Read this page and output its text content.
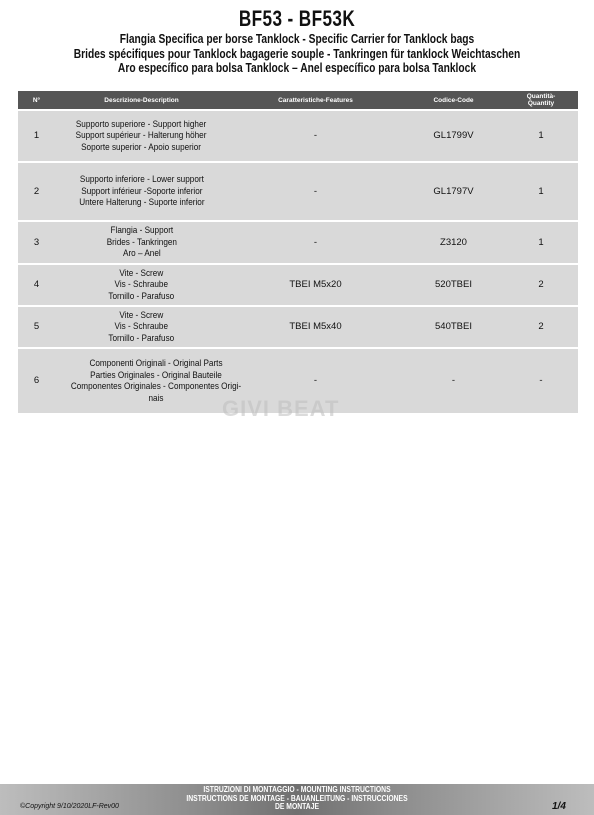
BF53 - BF53K
Flangia Specifica per borse Tanklock - Specific Carrier for Tanklock bags
Brides spécifiques pour Tanklock bagagerie souple - Tankringen für tanklock Weichtaschen
Aro específico para bolsa Tanklock – Anel específico para bolsa Tanklock
N°	Descrizione-Description	Caratteristiche-Features	Codice-Code	Quantità-
Quantity

1	Supporto superiore - Support higher
Support supérieur - Halterung höher
Soporte superior - Apoio superior	-	GL1799V	1
2	Supporto inferiore - Lower support
Support inférieur -Soporte inferior
Untere Halterung - Suporte inferior	-	GL1797V	1
3	Flangia - Support
Brides - Tankringen
Aro – Anel	-	Z3120	1
4	Vite - Screw
Vis - Schraube
Tornillo - Parafuso	TBEI M5x20	520TBEI	2
5	Vite - Screw
Vis - Schraube
Tornillo - Parafuso	TBEI M5x40	540TBEI	2
6	Componenti Originali - Original Parts
Parties Originales - Original Bauteile
Componentes Originales - Componentes Origi-
nais	-	-	-
GIVI BEAT
ISTRUZIONI DI MONTAGGIO - MOUNTING INSTRUCTIONS
INSTRUCTIONS DE MONTAGE - BAUANLEITUNG - INSTRUCCIONES
DE MONTAJE
©Copyright 9/10/2020LF-Rev00	1/4
